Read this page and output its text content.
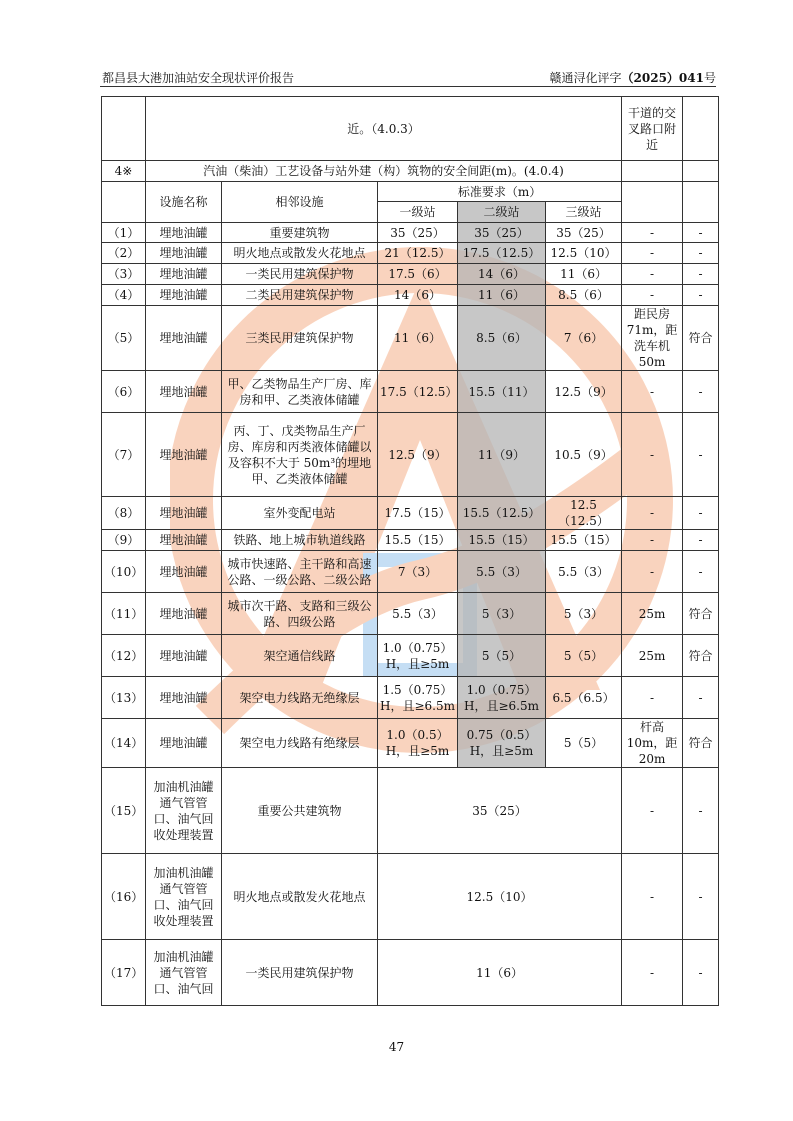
都昌县大港加油站安全现状评价报告	赣通浔化评字（2025）041号
	近。（4.0.3）					干道的交叉路口附近	
4※	汽油（柴油）工艺设备与站外建（构）筑物的安全间距(m)。(4.0.4)						
	设施名称	相邻设施	标准要求（m）				
			一级站	二级站	三级站		
（1）	埋地油罐	重要建筑物	35（25）	35（25）	35（25）	-	-
（2）	埋地油罐	明火地点或散发火花地点	21（12.5）	17.5（12.5）	12.5（10）	-	-
（3）	埋地油罐	一类民用建筑保护物	17.5（6）	14（6）	11（6）	-	-
（4）	埋地油罐	二类民用建筑保护物	14（6）	11（6）	8.5（6）	-	-
（5）	埋地油罐	三类民用建筑保护物	11（6）	8.5（6）	7（6）	距民房71m，距洗车机50m	符合
（6）	埋地油罐	甲、乙类物品生产厂房、库房和甲、乙类液体储罐	17.5（12.5）	15.5（11）	12.5（9）	-	-
（7）	埋地油罐	丙、丁、戊类物品生产厂房、库房和丙类液体储罐以及容积不大于 50m³的埋地甲、乙类液体储罐	12.5（9）	11（9）	10.5（9）	-	-
（8）	埋地油罐	室外变配电站	17.5（15）	15.5（12.5）	12.5（12.5）	-	-
（9）	埋地油罐	铁路、地上城市轨道线路	15.5（15）	15.5（15）	15.5（15）	-	-
（10）	埋地油罐	城市快速路、主干路和高速公路、一级公路、二级公路	7（3）	5.5（3）	5.5（3）	-	-
（11）	埋地油罐	城市次干路、支路和三级公路、四级公路	5.5（3）	5（3）	5（3）	25m	符合
（12）	埋地油罐	架空通信线路	1.0（0.75）H，且≥5m	5（5）	5（5）	25m	符合
（13）	埋地油罐	架空电力线路无绝缘层	1.5（0.75）H，且≥6.5m	1.0（0.75）H，且≥6.5m	6.5（6.5）	-	-
（14）	埋地油罐	架空电力线路有绝缘层	1.0（0.5）H，且≥5m	0.75（0.5）H，且≥5m	5（5）	杆高10m，距 20m	符合
（15）	加油机油罐通气管管口、油气回收处理装置	重要公共建筑物	35（25）			-	-
（16）	加油机油罐通气管管口、油气回收处理装置	明火地点或散发火花地点	12.5（10）			-	-
（17）	加油机油罐通气管管口、油气回	一类民用建筑保护物	11（6）			-	-
47
